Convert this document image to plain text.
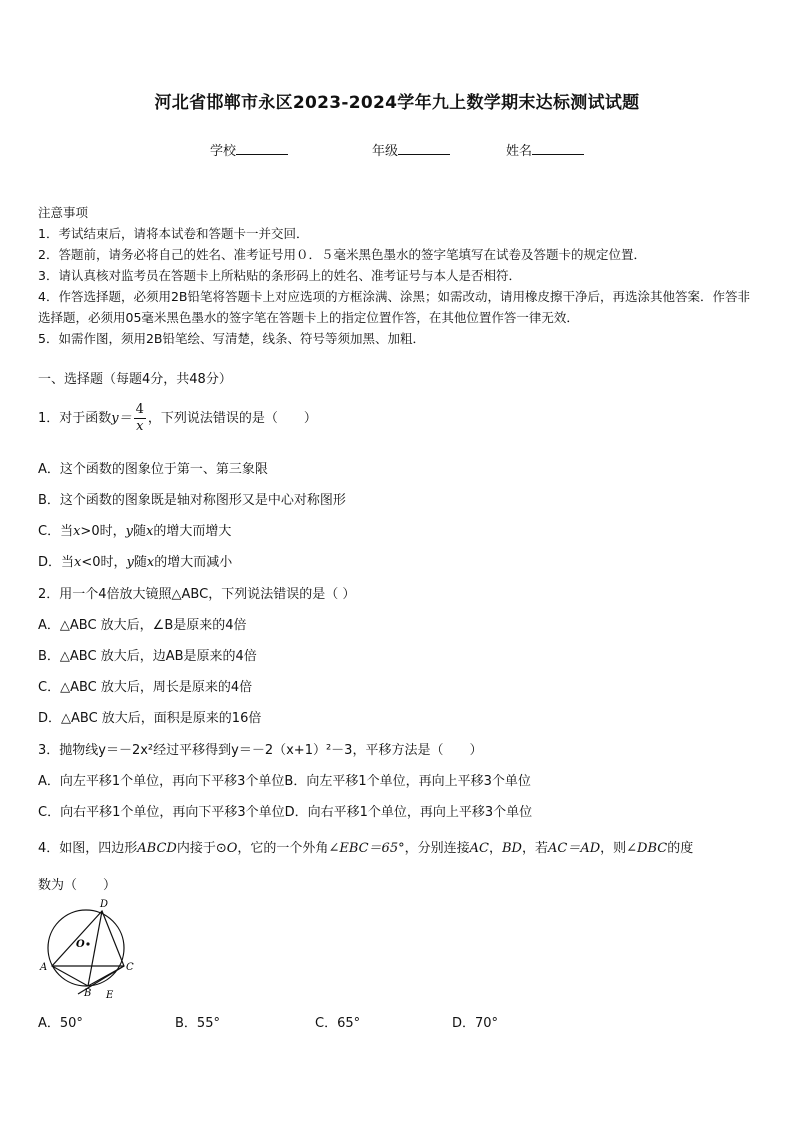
河北省邯郸市永区2023-2024学年九上数学期末达标测试试题
学校	年级	姓名
注意事项
1．考试结束后，请将本试卷和答题卡一并交回．
2．答题前，请务必将自己的姓名、准考证号用０．５毫米黑色墨水的签字笔填写在试卷及答题卡的规定位置．
3．请认真核对监考员在答题卡上所粘贴的条形码上的姓名、准考证号与本人是否相符．
4．作答选择题，必须用2B铅笔将答题卡上对应选项的方框涂满、涂黑；如需改动，请用橡皮擦干净后，再选涂其他答案．作答非选择题，必须用05毫米黑色墨水的签字笔在答题卡上的指定位置作答，在其他位置作答一律无效．
5．如需作图，须用2B铅笔绘、写清楚，线条、符号等须加黑、加粗．
一、选择题（每题4分，共48分）
1．对于函数$y= \frac{4}{x}$ ，下列说法错误的是（　　）
A．这个函数的图象位于第一、第三象限
B．这个函数的图象既是轴对称图形又是中心对称图形
C．当x>0时，y随x的增大而增大
D．当x<0时，y随x的增大而减小
2．用一个4倍放大镜照△ABC，下列说法错误的是（ ）
A．△ABC 放大后，∠B是原来的4倍
B．△ABC 放大后，边AB是原来的4倍
C．△ABC 放大后，周长是原来的4倍
D．△ABC 放大后，面积是原来的16倍
3．抛物线y＝－2x²经过平移得到y＝－2（x+1）²－3，平移方法是（　　）
A．向左平移1个单位，再向下平移3个单位B．向左平移1个单位，再向上平移3个单位
C．向右平移1个单位，再向下平移3个单位D．向右平移1个单位，再向上平移3个单位
4．如图，四边形ABCD内接于⊙O，它的一个外角∠EBC＝65°，分别连接AC，BD，若AC＝AD，则∠DBC的度
数为（　　）
D
O
A	C
B E
A．50°	B．55°	C．65°	D．70°
